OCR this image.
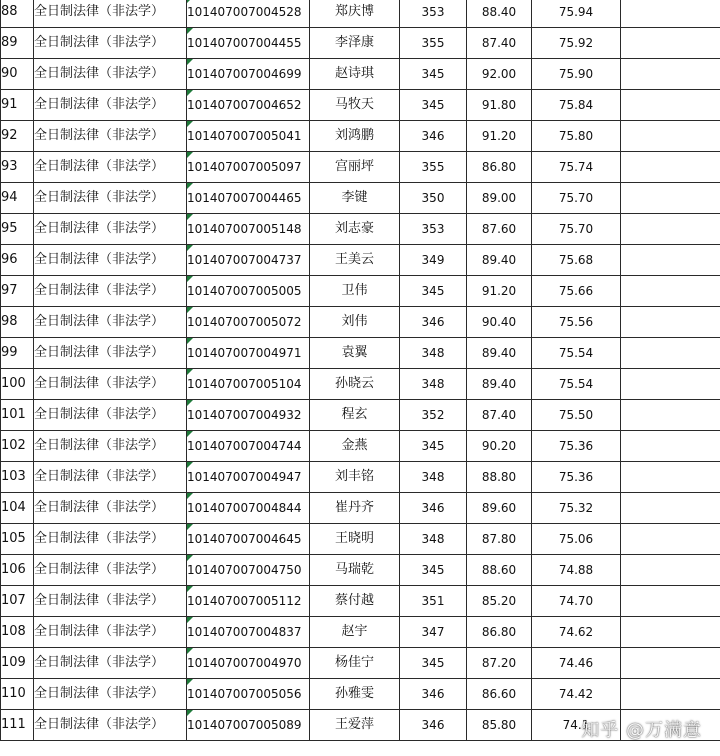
88	全日制法律（非法学）	101407007004528	郑庆博	353	88.40	75.94	
89	全日制法律（非法学）	101407007004455	李泽康	355	87.40	75.92	
90	全日制法律（非法学）	101407007004699	赵诗琪	345	92.00	75.90	
91	全日制法律（非法学）	101407007004652	马牧天	345	91.80	75.84	
92	全日制法律（非法学）	101407007005041	刘鸿鹏	346	91.20	75.80	
93	全日制法律（非法学）	101407007005097	宫丽坪	355	86.80	75.74	
94	全日制法律（非法学）	101407007004465	李键	350	89.00	75.70	
95	全日制法律（非法学）	101407007005148	刘志豪	353	87.60	75.70	
96	全日制法律（非法学）	101407007004737	王美云	349	89.40	75.68	
97	全日制法律（非法学）	101407007005005	卫伟	345	91.20	75.66	
98	全日制法律（非法学）	101407007005072	刘伟	346	90.40	75.56	
99	全日制法律（非法学）	101407007004971	袁翼	348	89.40	75.54	
100	全日制法律（非法学）	101407007005104	孙晓云	348	89.40	75.54	
101	全日制法律（非法学）	101407007004932	程玄	352	87.40	75.50	
102	全日制法律（非法学）	101407007004744	金燕	345	90.20	75.36	
103	全日制法律（非法学）	101407007004947	刘丰铭	348	88.80	75.36	
104	全日制法律（非法学）	101407007004844	崔丹齐	346	89.60	75.32	
105	全日制法律（非法学）	101407007004645	王晓明	348	87.80	75.06	
106	全日制法律（非法学）	101407007004750	马瑞乾	345	88.60	74.88	
107	全日制法律（非法学）	101407007005112	蔡付越	351	85.20	74.70	
108	全日制法律（非法学）	101407007004837	赵宇	347	86.80	74.62	
109	全日制法律（非法学）	101407007004970	杨佳宁	345	87.20	74.46	
110	全日制法律（非法学）	101407007005056	孙雅雯	346	86.60	74.42	
111	全日制法律（非法学）	101407007005089	王爱萍	346	85.80	74.1	
知乎 @万满意
